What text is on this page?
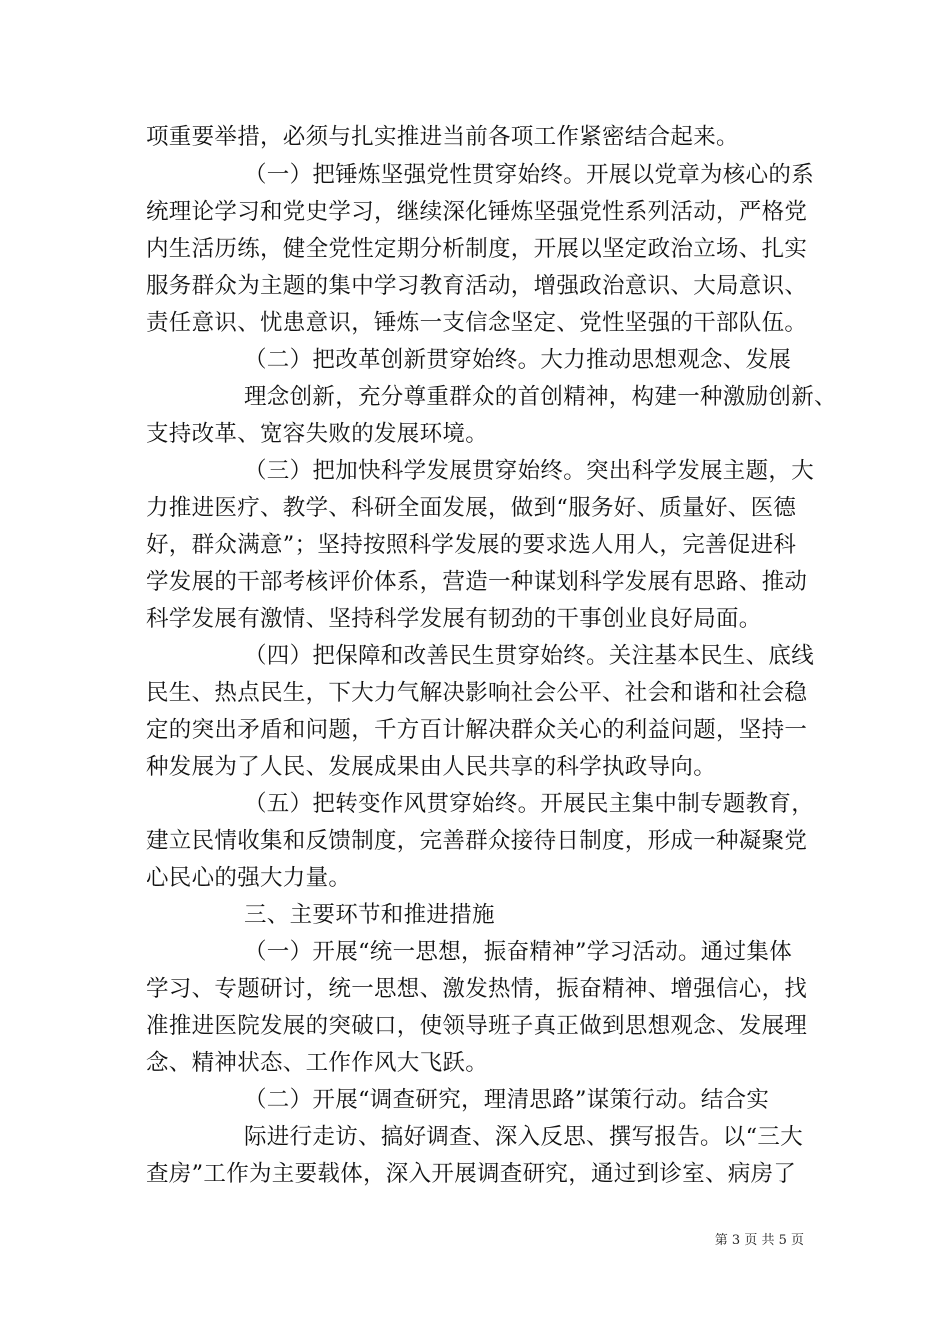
项重要举措，必须与扎实推进当前各项工作紧密结合起来。
（一）把锤炼坚强党性贯穿始终。开展以党章为核心的系
统理论学习和党史学习，继续深化锤炼坚强党性系列活动，严格党
内生活历练，健全党性定期分析制度，开展以坚定政治立场、扎实
服务群众为主题的集中学习教育活动，增强政治意识、大局意识、
责任意识、忧患意识，锤炼一支信念坚定、党性坚强的干部队伍。
（二）把改革创新贯穿始终。大力推动思想观念、发展
理念创新，充分尊重群众的首创精神，构建一种激励创新、
支持改革、宽容失败的发展环境。
（三）把加快科学发展贯穿始终。突出科学发展主题，大
力推进医疗、教学、科研全面发展，做到“服务好、质量好、医德
好，群众满意”；坚持按照科学发展的要求选人用人，完善促进科
学发展的干部考核评价体系，营造一种谋划科学发展有思路、推动
科学发展有激情、坚持科学发展有韧劲的干事创业良好局面。
（四）把保障和改善民生贯穿始终。关注基本民生、底线
民生、热点民生，下大力气解决影响社会公平、社会和谐和社会稳
定的突出矛盾和问题，千方百计解决群众关心的利益问题，坚持一
种发展为了人民、发展成果由人民共享的科学执政导向。
（五）把转变作风贯穿始终。开展民主集中制专题教育，
建立民情收集和反馈制度，完善群众接待日制度，形成一种凝聚党
心民心的强大力量。
三、主要环节和推进措施
（一）开展“统一思想，振奋精神”学习活动。通过集体
学习、专题研讨，统一思想、激发热情，振奋精神、增强信心，找
准推进医院发展的突破口，使领导班子真正做到思想观念、发展理
念、精神状态、工作作风大飞跃。
（二）开展“调查研究，理清思路”谋策行动。结合实
际进行走访、搞好调查、深入反思、撰写报告。以“三大
查房”工作为主要载体，深入开展调查研究，通过到诊室、病房了
第 3 页 共 5 页
